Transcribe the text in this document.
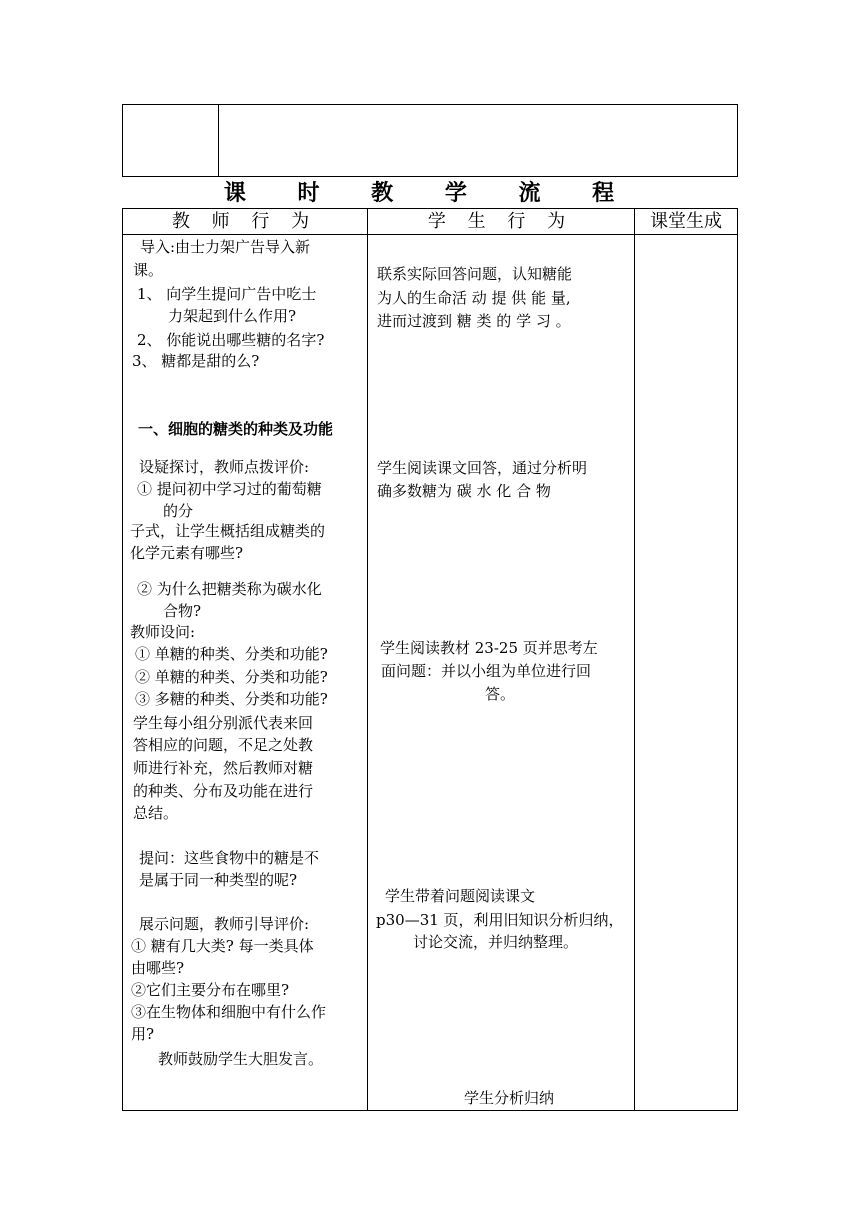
课 时 教 学 流 程
教 师 行 为	学 生 行 为	课堂生成
导入:由士力架广告导入新
课。
1、 向学生提问广告中吃士
力架起到什么作用?
2、 你能说出哪些糖的名字?
3、 糖都是甜的么?
一、细胞的糖类的种类及功能
设疑探讨，教师点拨评价:
① 提问初中学习过的葡萄糖
的分
子式，让学生概括组成糖类的
化学元素有哪些?
② 为什么把糖类称为碳水化
合物?
教师设问:
① 单糖的种类、分类和功能?
② 单糖的种类、分类和功能?
③ 多糖的种类、分类和功能?
学生每小组分别派代表来回
答相应的问题，不足之处教
师进行补充，然后教师对糖
的种类、分布及功能在进行
总结。
提问：这些食物中的糖是不
是属于同一种类型的呢?
展示问题，教师引导评价:
① 糖有几大类? 每一类具体
由哪些?
②它们主要分布在哪里?
③在生物体和细胞中有什么作
用?
教师鼓励学生大胆发言。
联系实际回答问题，认知糖能
为人的生命活 动 提 供 能 量,
进而过渡到 糖 类 的 学 习 。
学生阅读课文回答，通过分析明
确多数糖为 碳 水 化 合 物
学生阅读教材 23-25 页并思考左
面问题：并以小组为单位进行回
答。
学生带着问题阅读课文
p30—31 页，利用旧知识分析归纳，
讨论交流，并归纳整理。
学生分析归纳
